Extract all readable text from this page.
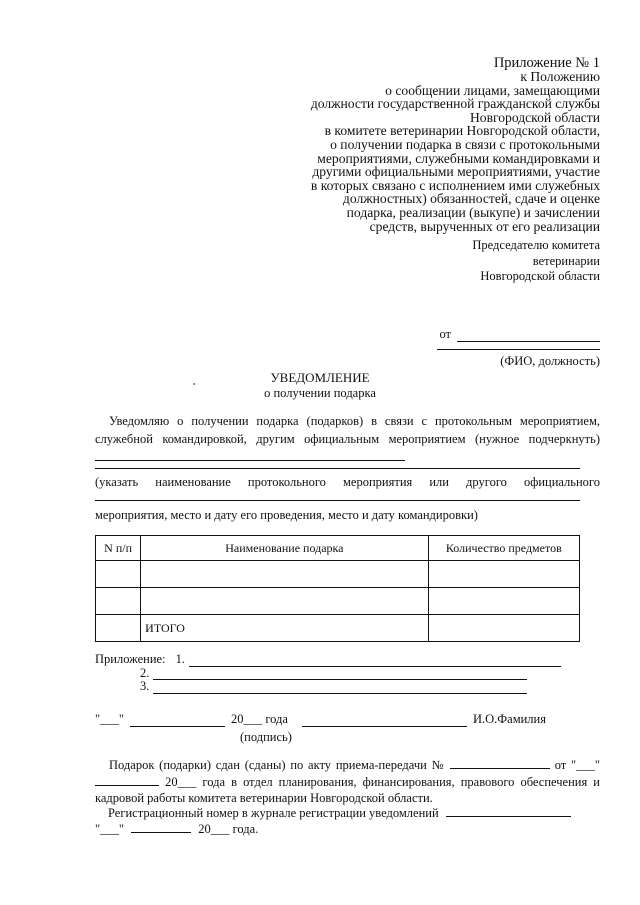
Приложение № 1
к Положению
о сообщении лицами, замещающими
должности государственной гражданской службы
Новгородской области
в комитете ветеринарии Новгородской области,
о получении подарка в связи с протокольными
мероприятиями, служебными командировками и
другими официальными мероприятиями, участие
в которых связано с исполнением ими служебных
должностных) обязанностей, сдаче и оценке
подарка, реализации (выкупе) и зачислении
средств, вырученных от его реализации
Председателю комитета
ветеринарии
Новгородской области
от
(ФИО, должность)
УВЕДОМЛЕНИЕ
о получении подарка
Уведомляю о получении подарка (подарков) в связи с протокольным мероприятием, служебной командировкой, другим официальным мероприятием (нужное подчеркнуть)
(указать наименование протокольного мероприятия или другого официального
мероприятия, место и дату его проведения, место и дату командировки)
N п/п	Наименование подарка	Количество предметов

	ИТОГО	
Приложение: 1.
2.
3.
"___"	20___ года	И.О.Фамилия
(подпись)
Подарок (подарки) сдан (сданы) по акту приема-передачи №	от "___"  20___ года в отдел планирования, финансирования, правового обеспечения и кадровой работы комитета ветеринарии Новгородской области.
Регистрационный номер в журнале регистрации уведомлений
"___"	20___ года.
